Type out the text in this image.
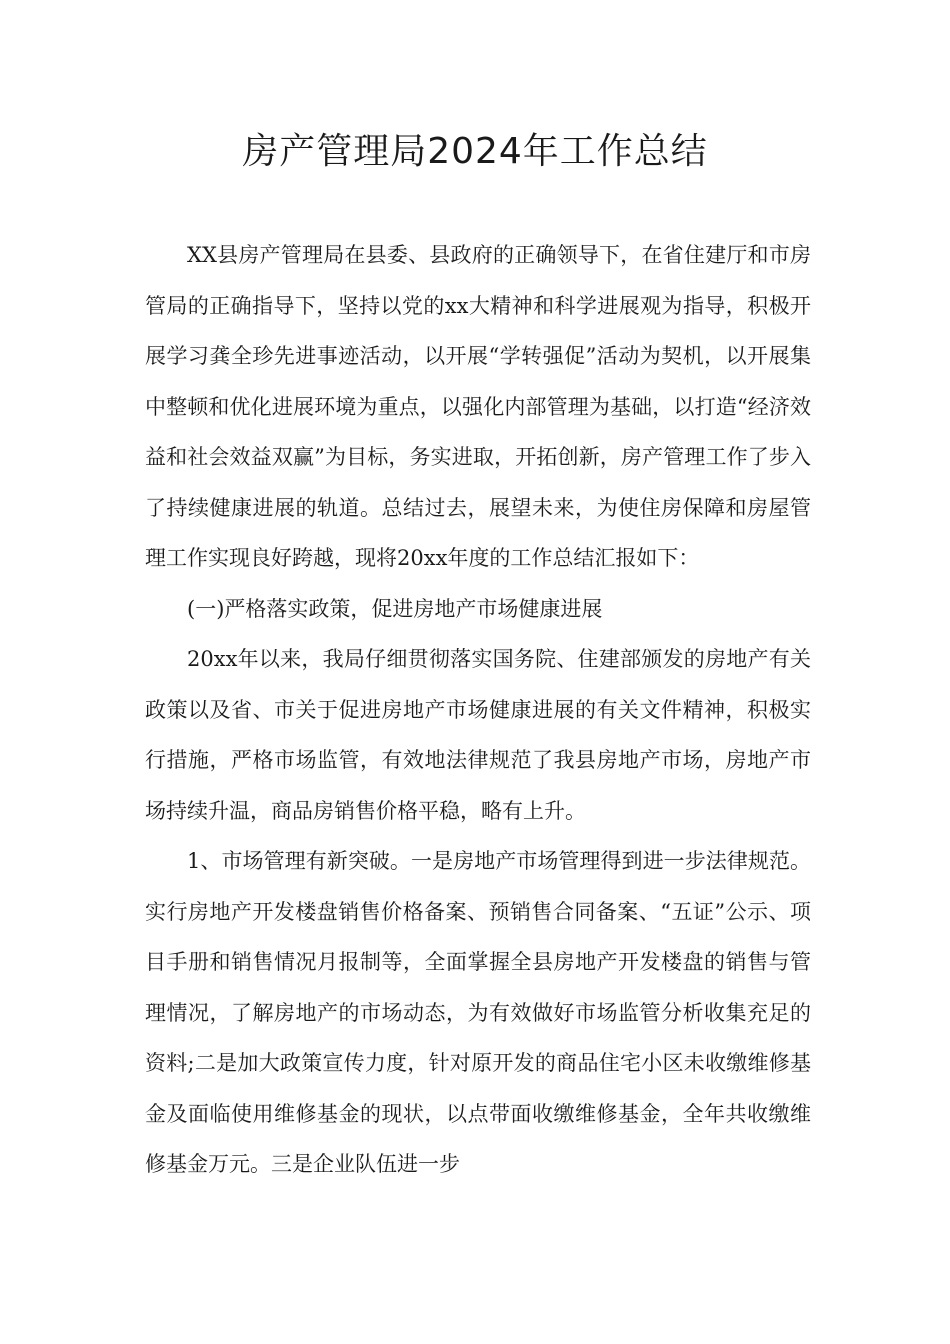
房产管理局2024年工作总结

XX县房产管理局在县委、县政府的正确领导下，在省住建厅和市房管局的正确指导下，坚持以党的xx大精神和科学进展观为指导，积极开展学习龚全珍先进事迹活动，以开展“学转强促”活动为契机，以开展集中整顿和优化进展环境为重点，以强化内部管理为基础，以打造“经济效益和社会效益双赢”为目标，务实进取，开拓创新，房产管理工作了步入了持续健康进展的轨道。总结过去，展望未来，为使住房保障和房屋管理工作实现良好跨越，现将20xx年度的工作总结汇报如下：

(一)严格落实政策，促进房地产市场健康进展

20xx年以来，我局仔细贯彻落实国务院、住建部颁发的房地产有关政策以及省、市关于促进房地产市场健康进展的有关文件精神，积极实行措施，严格市场监管，有效地法律规范了我县房地产市场，房地产市场持续升温，商品房销售价格平稳，略有上升。

1、市场管理有新突破。一是房地产市场管理得到进一步法律规范。实行房地产开发楼盘销售价格备案、预销售合同备案、“五证”公示、项目手册和销售情况月报制等，全面掌握全县房地产开发楼盘的销售与管理情况，了解房地产的市场动态，为有效做好市场监管分析收集充足的资料;二是加大政策宣传力度，针对原开发的商品住宅小区未收缴维修基金及面临使用维修基金的现状，以点带面收缴维修基金，全年共收缴维修基金万元。三是企业队伍进一步
